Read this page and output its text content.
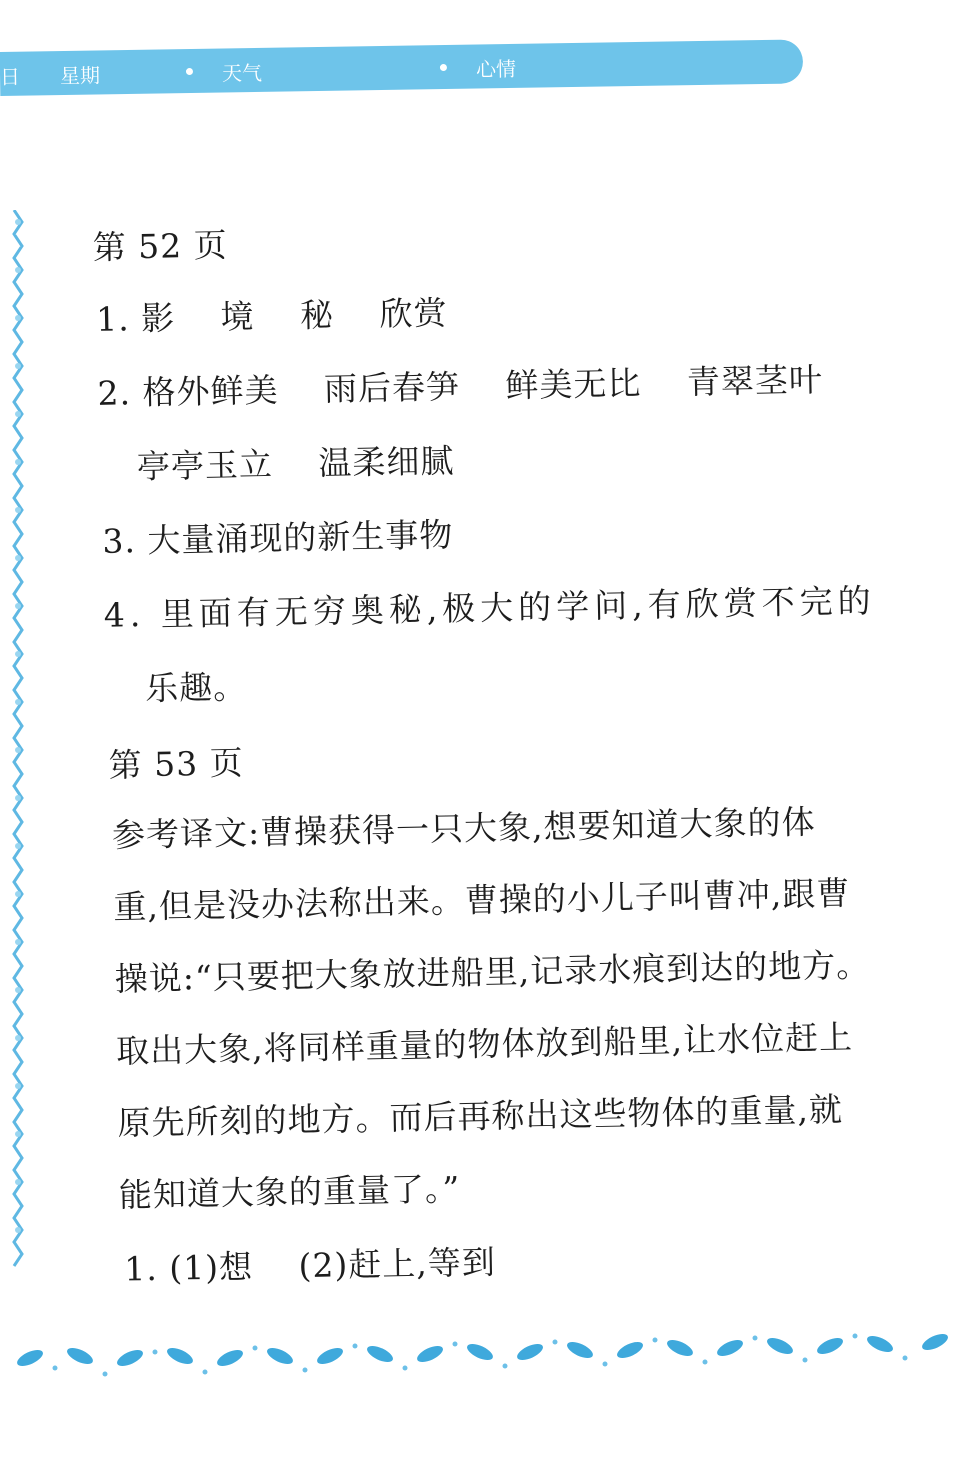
日 星期	天气	心情
第 52 页
1. 影 境 秘 欣赏
2. 格外鲜美 雨后春笋 鲜美无比 青翠茎叶
亭亭玉立 温柔细腻
3. 大量涌现的新生事物
4. 里面有无穷奥秘,极大的学问,有欣赏不完的
乐趣。
第 53 页
参考译文:曹操获得一只大象,想要知道大象的体
重,但是没办法称出来。曹操的小儿子叫曹冲,跟曹
操说:“只要把大象放进船里,记录水痕到达的地方。
取出大象,将同样重量的物体放到船里,让水位赶上
原先所刻的地方。而后再称出这些物体的重量,就
能知道大象的重量了。”
1. (1)想 (2)赶上,等到
